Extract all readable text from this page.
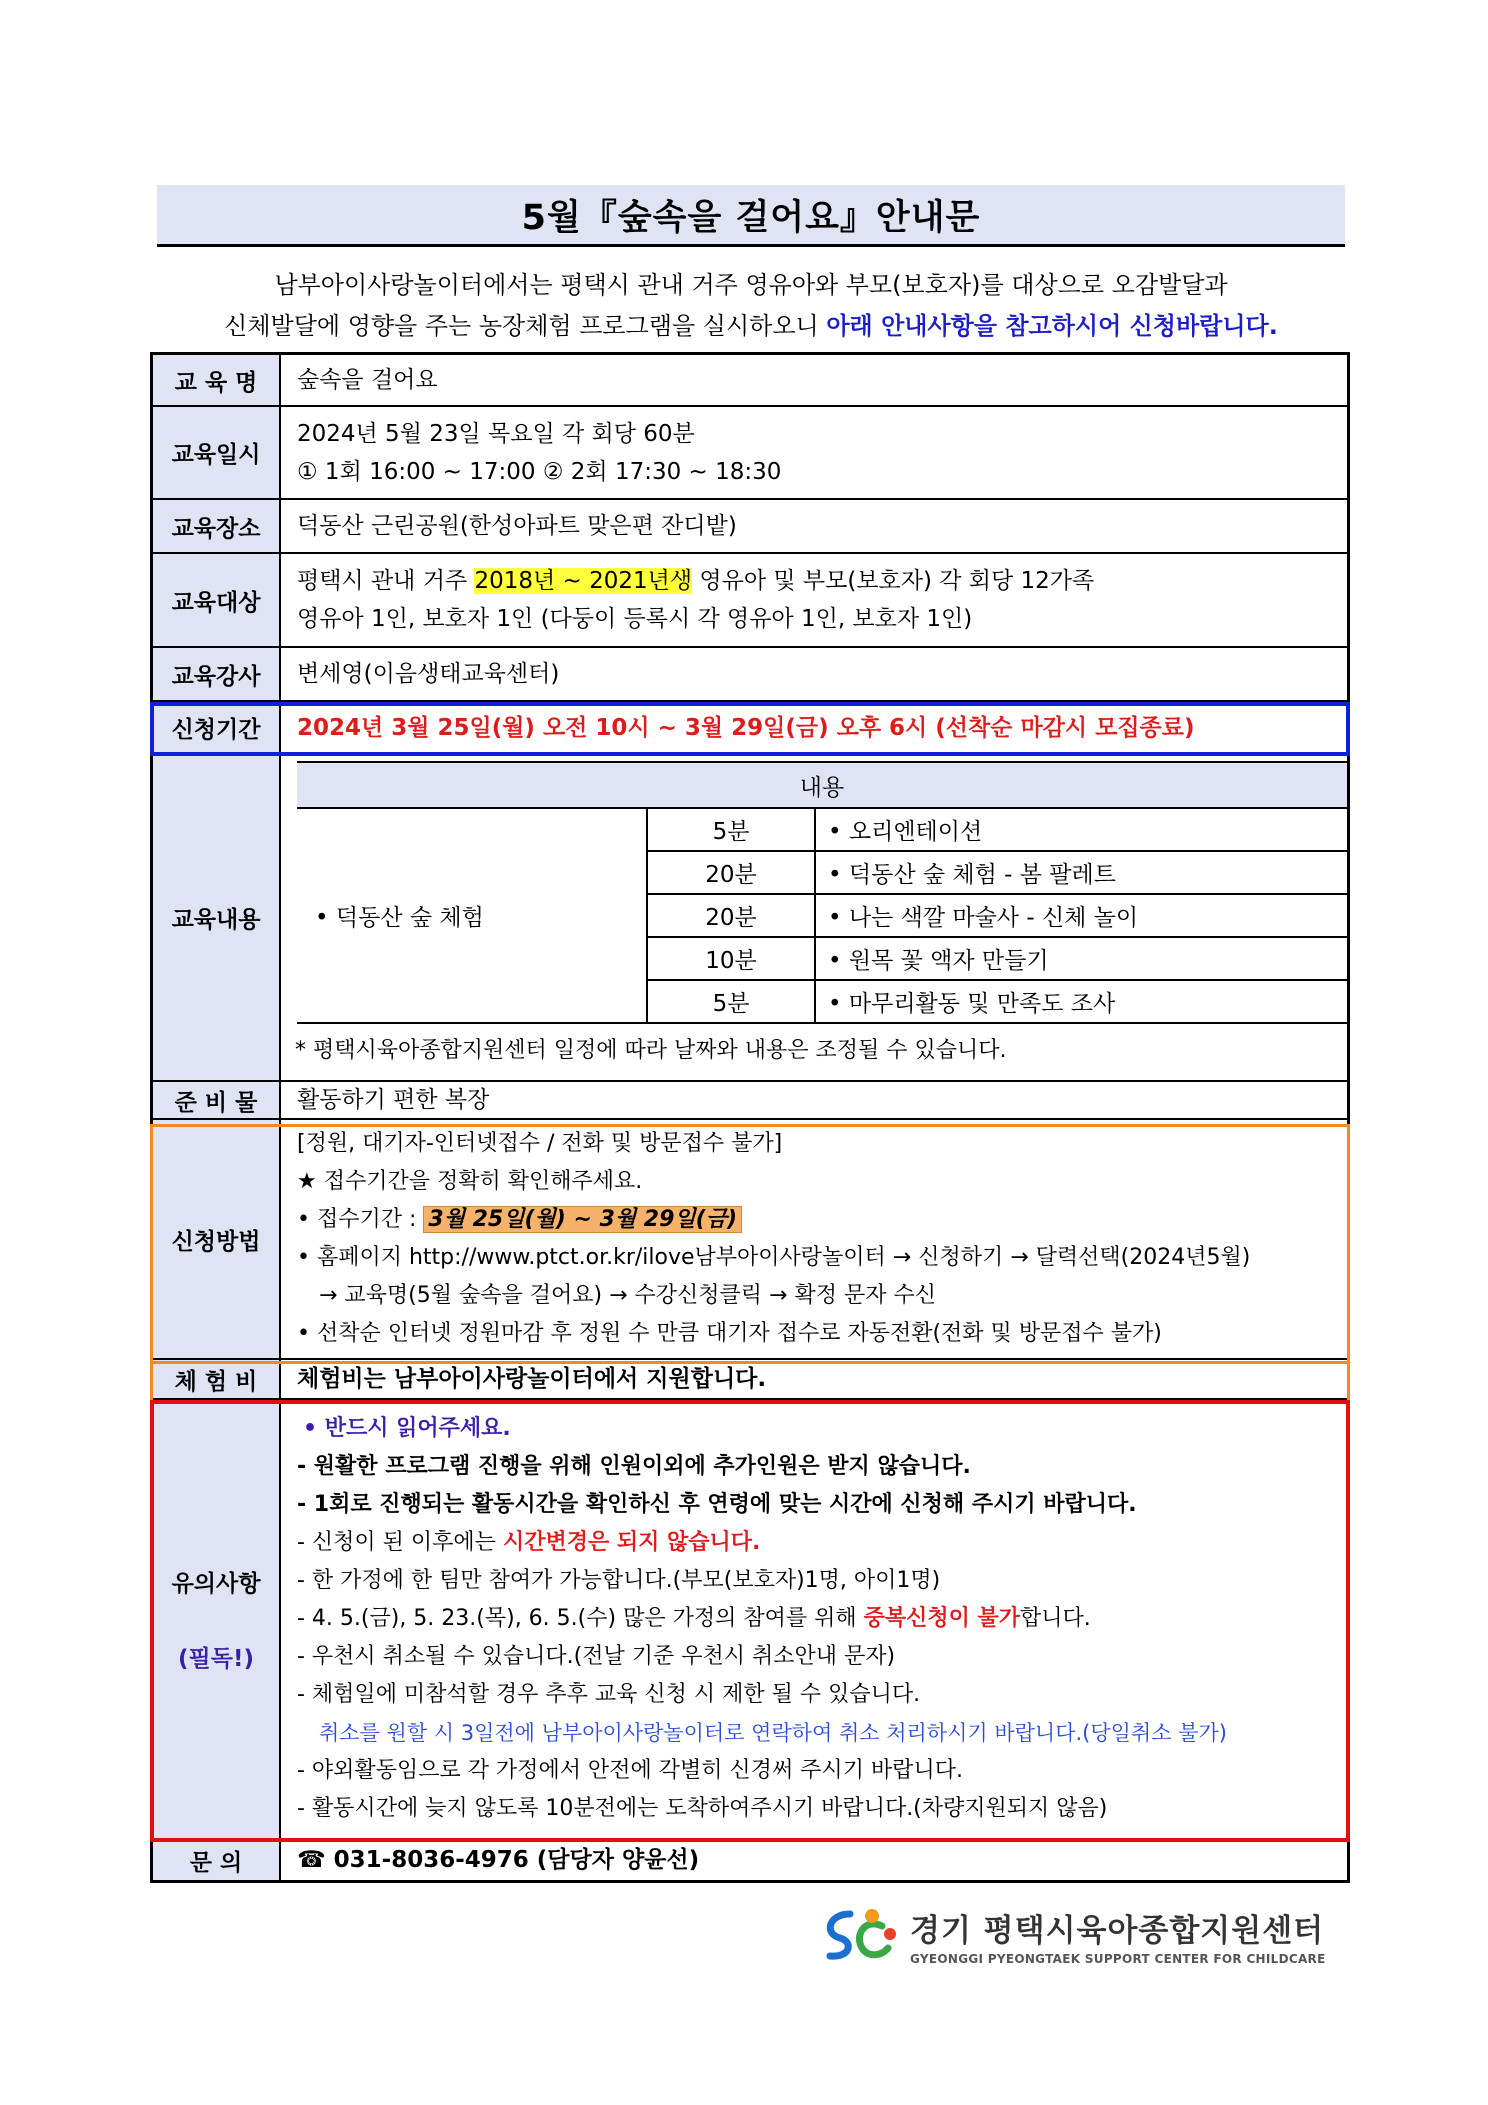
5월『숲속을 걸어요』안내문
남부아이사랑놀이터에서는 평택시 관내 거주 영유아와 부모(보호자)를 대상으로 오감발달과
신체발달에 영향을 주는 농장체험 프로그램을 실시하오니 아래 안내사항을 참고하시어 신청바랍니다.
교 육 명	숲속을 걸어요
교육일시
2024년 5월 23일 목요일 각 회당 60분
① 1회 16:00 ~ 17:00 ② 2회 17:30 ~ 18:30
교육장소	덕동산 근린공원(한성아파트 맞은편 잔디밭)
교육대상
평택시 관내 거주 2018년 ~ 2021년생 영유아 및 부모(보호자) 각 회당 12가족
영유아 1인, 보호자 1인 (다둥이 등록시 각 영유아 1인, 보호자 1인)
교육강사	변세영(이음생태교육센터)
신청기간	2024년 3월 25일(월) 오전 10시 ~ 3월 29일(금) 오후 6시 (선착순 마감시 모집종료)
교육내용
내용		
• 덕동산 숲 체험	5분	• 오리엔테이션
	20분	• 덕동산 숲 체험 - 봄 팔레트
	20분	• 나는 색깔 마술사 - 신체 놀이
	10분	• 원목 꽃 액자 만들기
	5분	• 마무리활동 및 만족도 조사
* 평택시육아종합지원센터 일정에 따라 날짜와 내용은 조정될 수 있습니다.
준 비 물	활동하기 편한 복장
신청방법
[정원, 대기자-인터넷접수 / 전화 및 방문접수 불가]
★ 접수기간을 정확히 확인해주세요.
• 접수기간 : 3월 25일(월) ~ 3월 29일(금)
• 홈페이지 http://www.ptct.or.kr/ilove남부아이사랑놀이터 → 신청하기 → 달력선택(2024년5월)
→ 교육명(5월 숲속을 걸어요) → 수강신청클릭 → 확정 문자 수신
• 선착순 인터넷 정원마감 후 정원 수 만큼 대기자 접수로 자동전환(전화 및 방문접수 불가)
체 험 비	체험비는 남부아이사랑놀이터에서 지원합니다.
유의사항
(필독!)
• 반드시 읽어주세요.
- 원활한 프로그램 진행을 위해 인원이외에 추가인원은 받지 않습니다.
- 1회로 진행되는 활동시간을 확인하신 후 연령에 맞는 시간에 신청해 주시기 바랍니다.
- 신청이 된 이후에는 시간변경은 되지 않습니다.
- 한 가정에 한 팀만 참여가 가능합니다.(부모(보호자)1명, 아이1명)
- 4. 5.(금), 5. 23.(목), 6. 5.(수) 많은 가정의 참여를 위해 중복신청이 불가합니다.
- 우천시 취소될 수 있습니다.(전날 기준 우천시 취소안내 문자)
- 체험일에 미참석할 경우 추후 교육 신청 시 제한 될 수 있습니다.
취소를 원할 시 3일전에 남부아이사랑놀이터로 연락하여 취소 처리하시기 바랍니다.(당일취소 불가)
- 야외활동임으로 각 가정에서 안전에 각별히 신경써 주시기 바랍니다.
- 활동시간에 늦지 않도록 10분전에는 도착하여주시기 바랍니다.(차량지원되지 않음)
문 의	☎ 031-8036-4976 (담당자 양윤선)
경기 평택시육아종합지원센터
GYEONGGI PYEONGTAEK SUPPORT CENTER FOR CHILDCARE
